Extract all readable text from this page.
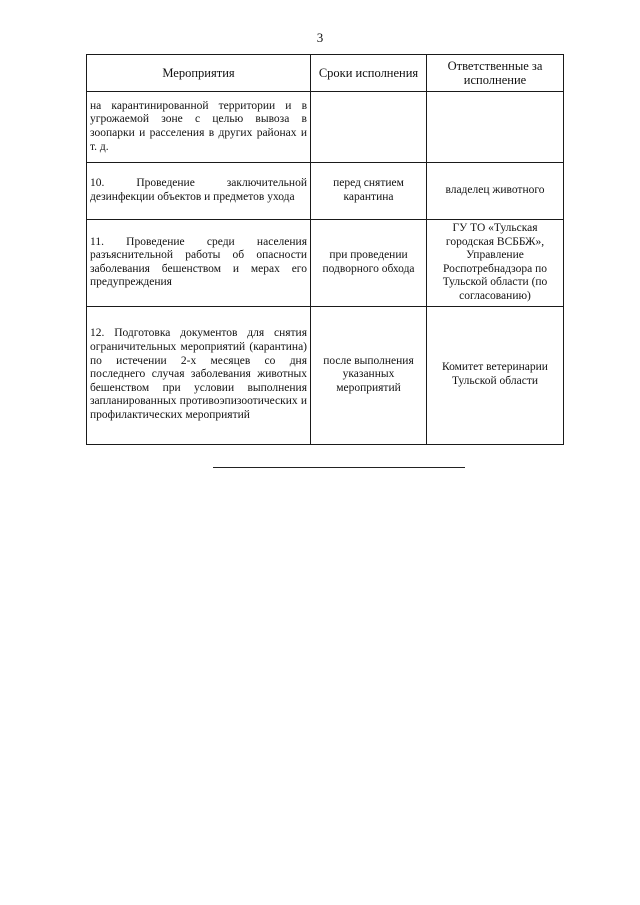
3
Мероприятия	Сроки исполнения	Ответственные за исполнение
на карантинированной территории и в угрожаемой зоне с целью вывоза в зоопарки и расселения в других районах и т. д.		
10. Проведение заключительной дезинфекции объектов и предметов ухода	перед снятием карантина	владелец животного
11. Проведение среди населения разъяснительной работы об опасности заболевания бешенством и мерах его предупреждения	при проведении подворного обхода	ГУ ТО «Тульская городская ВСББЖ», Управление Роспотребнадзора по Тульской области (по согласованию)
12. Подготовка документов для снятия ограничительных мероприятий (карантина) по истечении 2-х месяцев со дня последнего случая заболевания животных бешенством при условии выполнения запланированных противоэпизоотических и профилактических мероприятий	после выполнения указанных мероприятий	Комитет ветеринарии Тульской области
